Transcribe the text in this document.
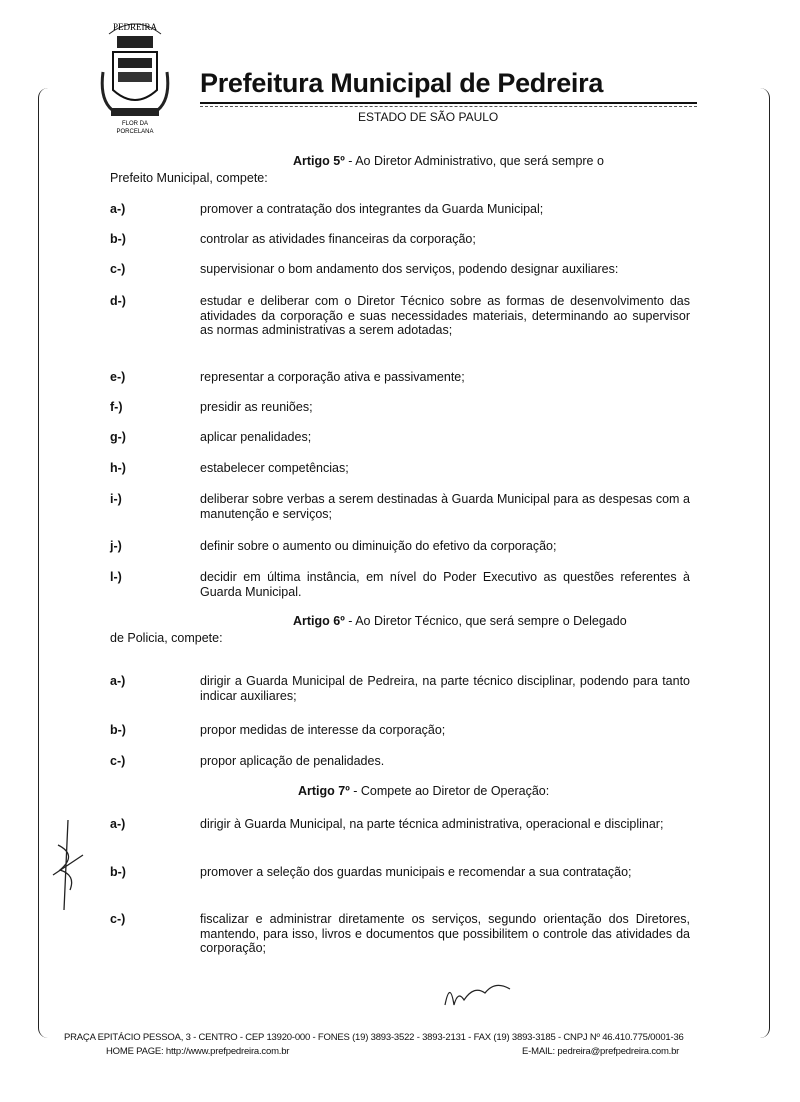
PEDREIRA
FLOR DA
PORCELANA
Prefeitura Municipal de Pedreira
ESTADO DE SÃO PAULO
Artigo 5º - Ao Diretor Administrativo, que será sempre o
Prefeito Municipal, compete:
a-)	promover a contratação dos integrantes da Guarda Municipal;
b-)	controlar as atividades financeiras da corporação;
c-)	supervisionar o bom andamento dos serviços, podendo designar auxiliares:
d-)	estudar e deliberar com o Diretor Técnico sobre as formas de desenvolvimento das atividades da corporação e suas necessidades materiais, determinando ao supervisor as normas administrativas a serem adotadas;
e-)	representar a corporação ativa e passivamente;
f-)	presidir as reuniões;
g-)	aplicar penalidades;
h-)	estabelecer competências;
i-)	deliberar sobre verbas a serem destinadas à Guarda Municipal para as despesas com a manutenção e serviços;
j-)	definir sobre o aumento ou diminuição do efetivo da corporação;
l-)	decidir em última instância, em nível do Poder Executivo as questões referentes à Guarda Municipal.
Artigo 6º - Ao Diretor Técnico, que será sempre o Delegado
de Policia, compete:
a-)	dirigir a Guarda Municipal de Pedreira, na parte técnico disciplinar, podendo para tanto indicar auxiliares;
b-)	propor medidas de interesse da corporação;
c-)	propor aplicação de penalidades.
Artigo 7º - Compete ao Diretor de Operação:
a-)	dirigir à Guarda Municipal, na parte técnica administrativa, operacional e disciplinar;
b-)	promover a seleção dos guardas municipais e recomendar a sua contratação;
c-)	fiscalizar e administrar diretamente os serviços, segundo orientação dos Diretores, mantendo, para isso, livros e documentos que possibilitem o controle das atividades da corporação;
PRAÇA EPITÁCIO PESSOA, 3 - CENTRO - CEP 13920-000 - FONES (19) 3893-3522 - 3893-2131 - FAX (19) 3893-3185 - CNPJ Nº 46.410.775/0001-36
HOME PAGE: http://www.prefpedreira.com.br	E-MAIL: pedreira@prefpedreira.com.br
